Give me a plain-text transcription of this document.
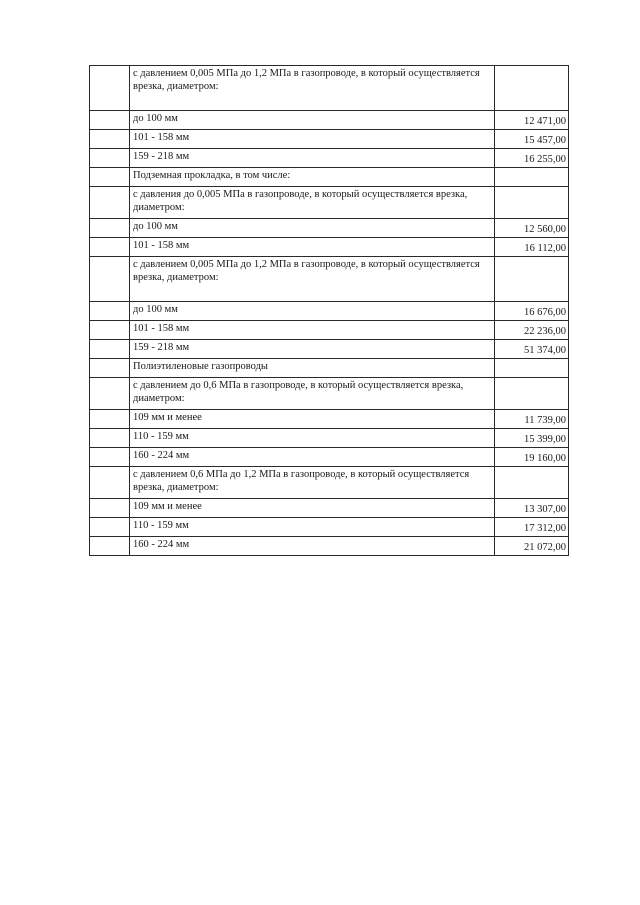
	с давлением 0,005 МПа до 1,2 МПа в газопроводе, в который осуществляется врезка, диаметром:	
	до 100 мм	12 471,00
	101 - 158 мм	15 457,00
	159 - 218 мм	16 255,00
	Подземная прокладка, в том числе:	
	с давления до 0,005 МПа в газопроводе, в который осуществляется врезка, диаметром:	
	до 100 мм	12 560,00
	101 - 158 мм	16 112,00
	с давлением 0,005 МПа до 1,2 МПа в газопроводе, в который осуществляется врезка, диаметром:	
	до 100 мм	16 676,00
	101 - 158 мм	22 236,00
	159 - 218 мм	51 374,00
	Полиэтиленовые газопроводы	
	с давлением до 0,6 МПа в газопроводе, в который осуществляется врезка, диаметром:	
	109 мм и менее	11 739,00
	110 - 159 мм	15 399,00
	160 - 224 мм	19 160,00
	с давлением 0,6 МПа до 1,2 МПа в газопроводе, в который осуществляется врезка, диаметром:	
	109 мм и менее	13 307,00
	110 - 159 мм	17 312,00
	160 - 224 мм	21 072,00
